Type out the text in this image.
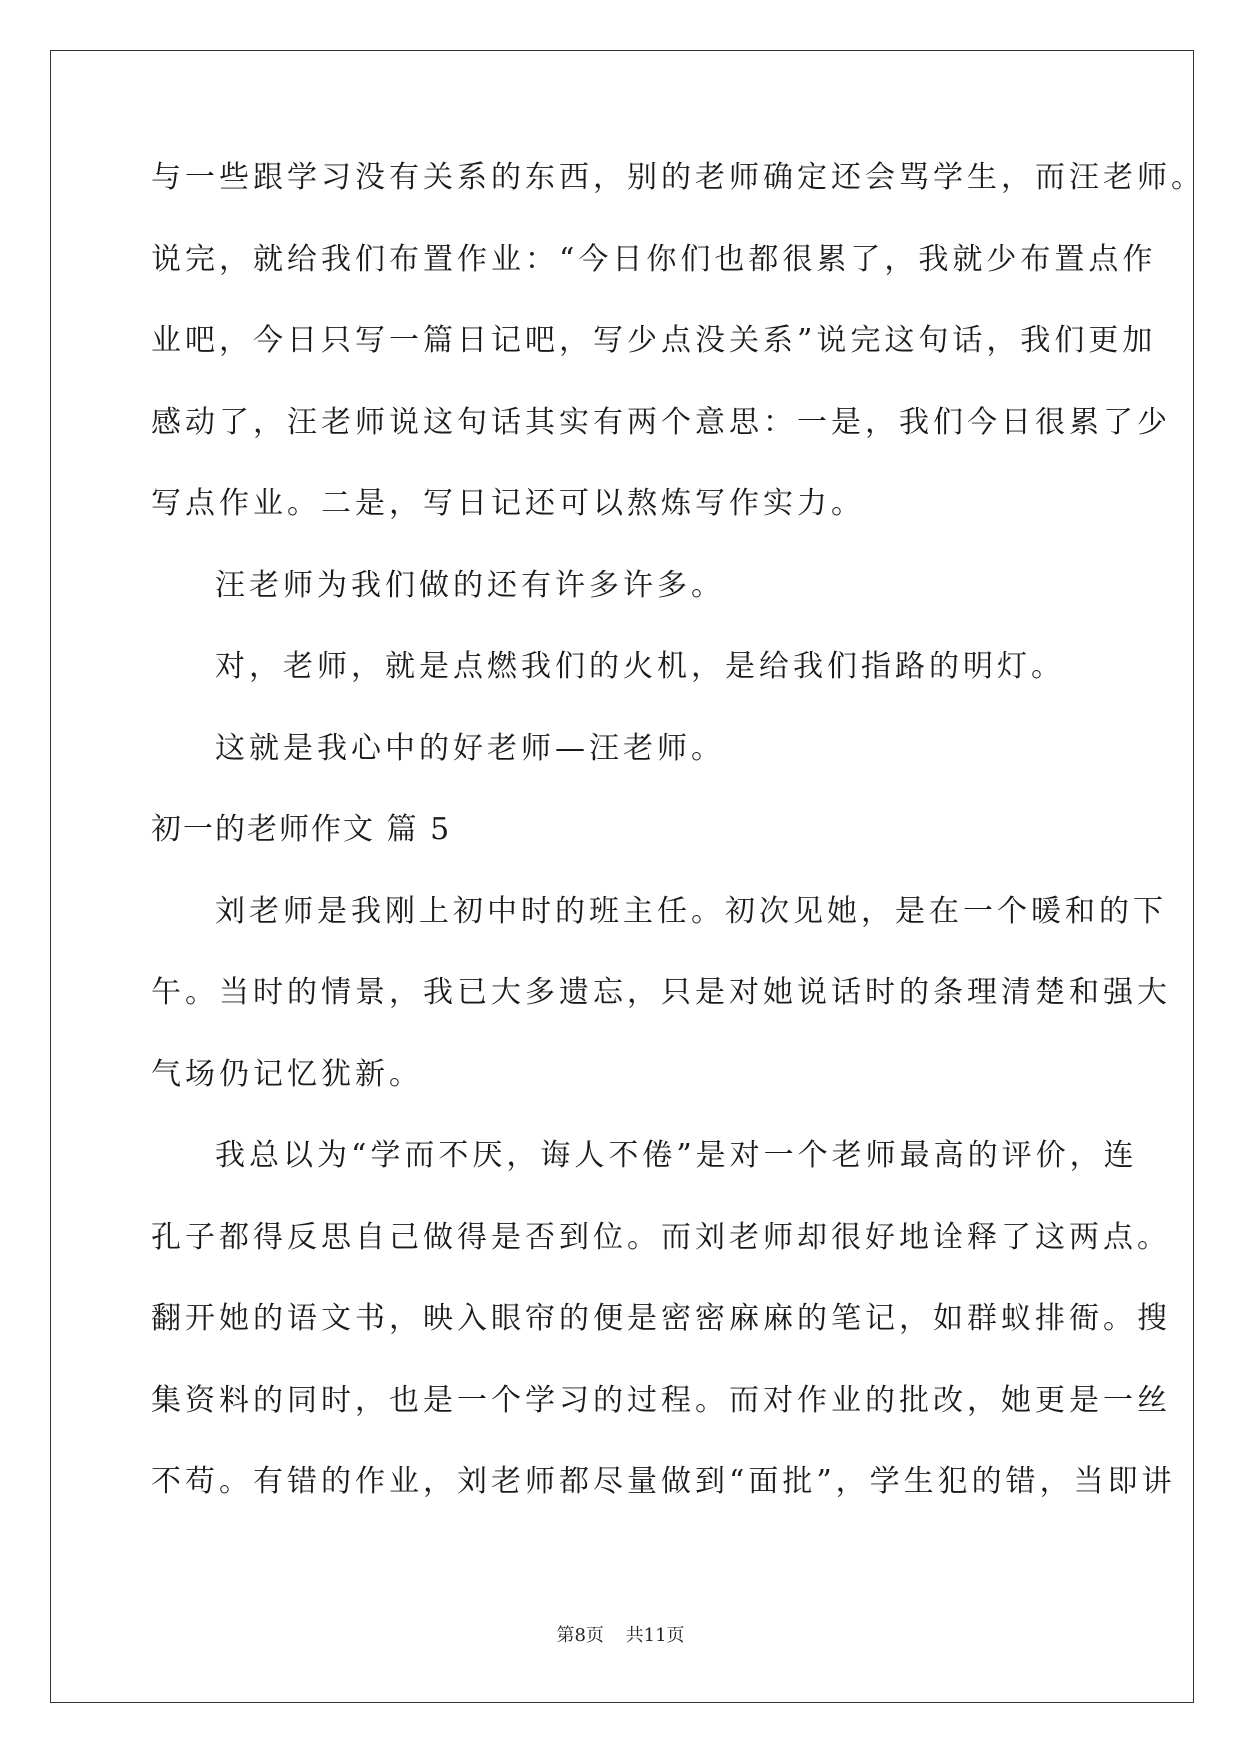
与一些跟学习没有关系的东西，别的老师确定还会骂学生，而汪老师。
说完，就给我们布置作业：“今日你们也都很累了，我就少布置点作
业吧，今日只写一篇日记吧，写少点没关系”说完这句话，我们更加
感动了，汪老师说这句话其实有两个意思：一是，我们今日很累了少
写点作业。二是，写日记还可以熬炼写作实力。
汪老师为我们做的还有许多许多。
对，老师，就是点燃我们的火机，是给我们指路的明灯。
这就是我心中的好老师—汪老师。
初一的老师作文 篇 5
刘老师是我刚上初中时的班主任。初次见她，是在一个暖和的下
午。当时的情景，我已大多遗忘，只是对她说话时的条理清楚和强大
气场仍记忆犹新。
我总以为“学而不厌，诲人不倦”是对一个老师最高的评价，连
孔子都得反思自己做得是否到位。而刘老师却很好地诠释了这两点。
翻开她的语文书，映入眼帘的便是密密麻麻的笔记，如群蚁排衙。搜
集资料的同时，也是一个学习的过程。而对作业的批改，她更是一丝
不苟。有错的作业，刘老师都尽量做到“面批”，学生犯的错，当即讲
第8页 共11页
